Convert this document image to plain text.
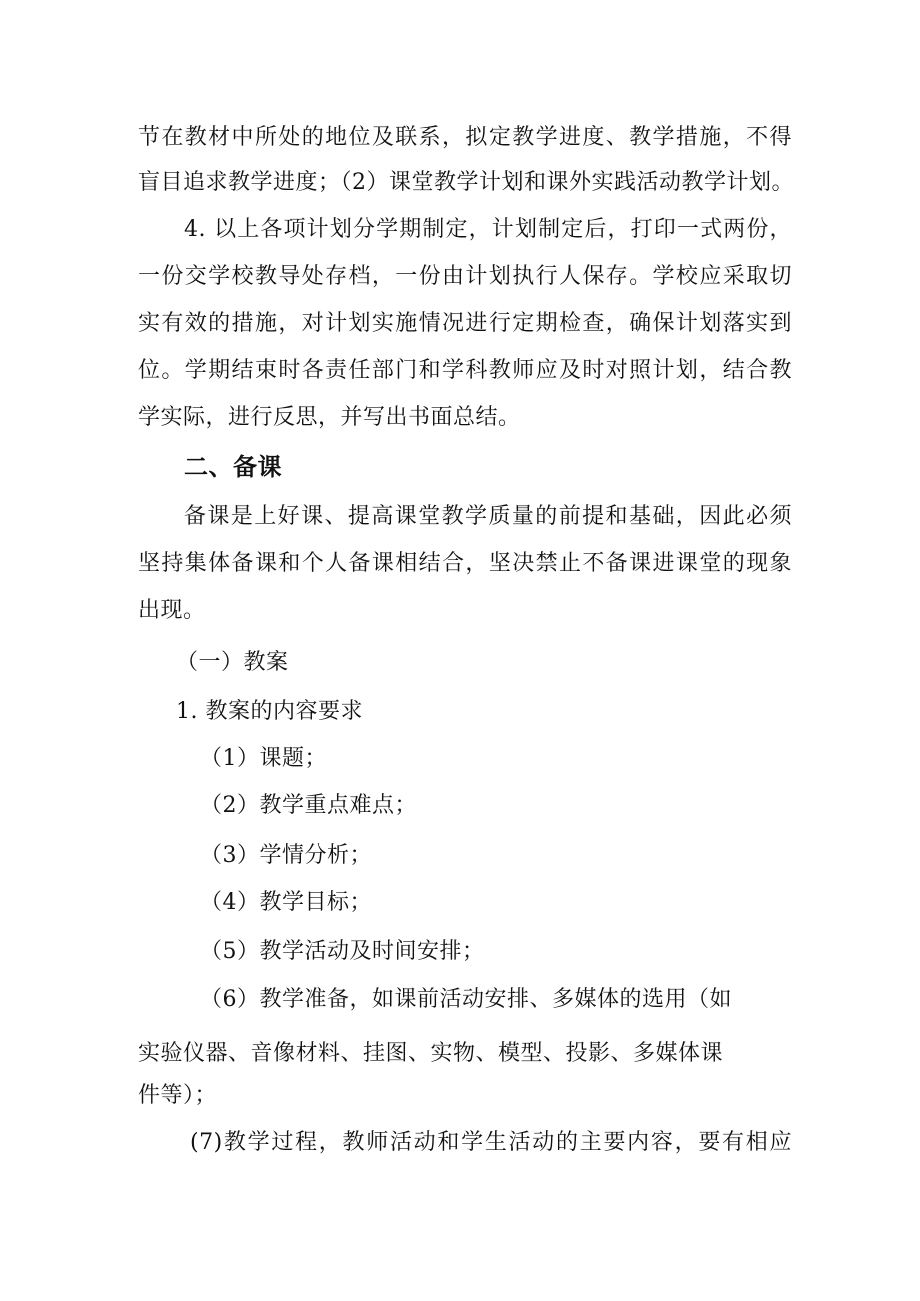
节在教材中所处的地位及联系，拟定教学进度、教学措施，不得
盲目追求教学进度；（2）课堂教学计划和课外实践活动教学计划。
4. 以上各项计划分学期制定，计划制定后，打印一式两份，
一份交学校教导处存档，一份由计划执行人保存。学校应采取切
实有效的措施，对计划实施情况进行定期检查，确保计划落实到
位。学期结束时各责任部门和学科教师应及时对照计划，结合教
学实际，进行反思，并写出书面总结。
二、备课
备课是上好课、提高课堂教学质量的前提和基础，因此必须
坚持集体备课和个人备课相结合，坚决禁止不备课进课堂的现象
出现。
（一）教案
1. 教案的内容要求
（1）课题；
（2）教学重点难点；
（3）学情分析；
（4）教学目标；
（5）教学活动及时间安排；
（6）教学准备，如课前活动安排、多媒体的选用（如
实验仪器、音像材料、挂图、实物、模型、投影、多媒体课
件等）；
(7)教学过程，教师活动和学生活动的主要内容，要有相应
